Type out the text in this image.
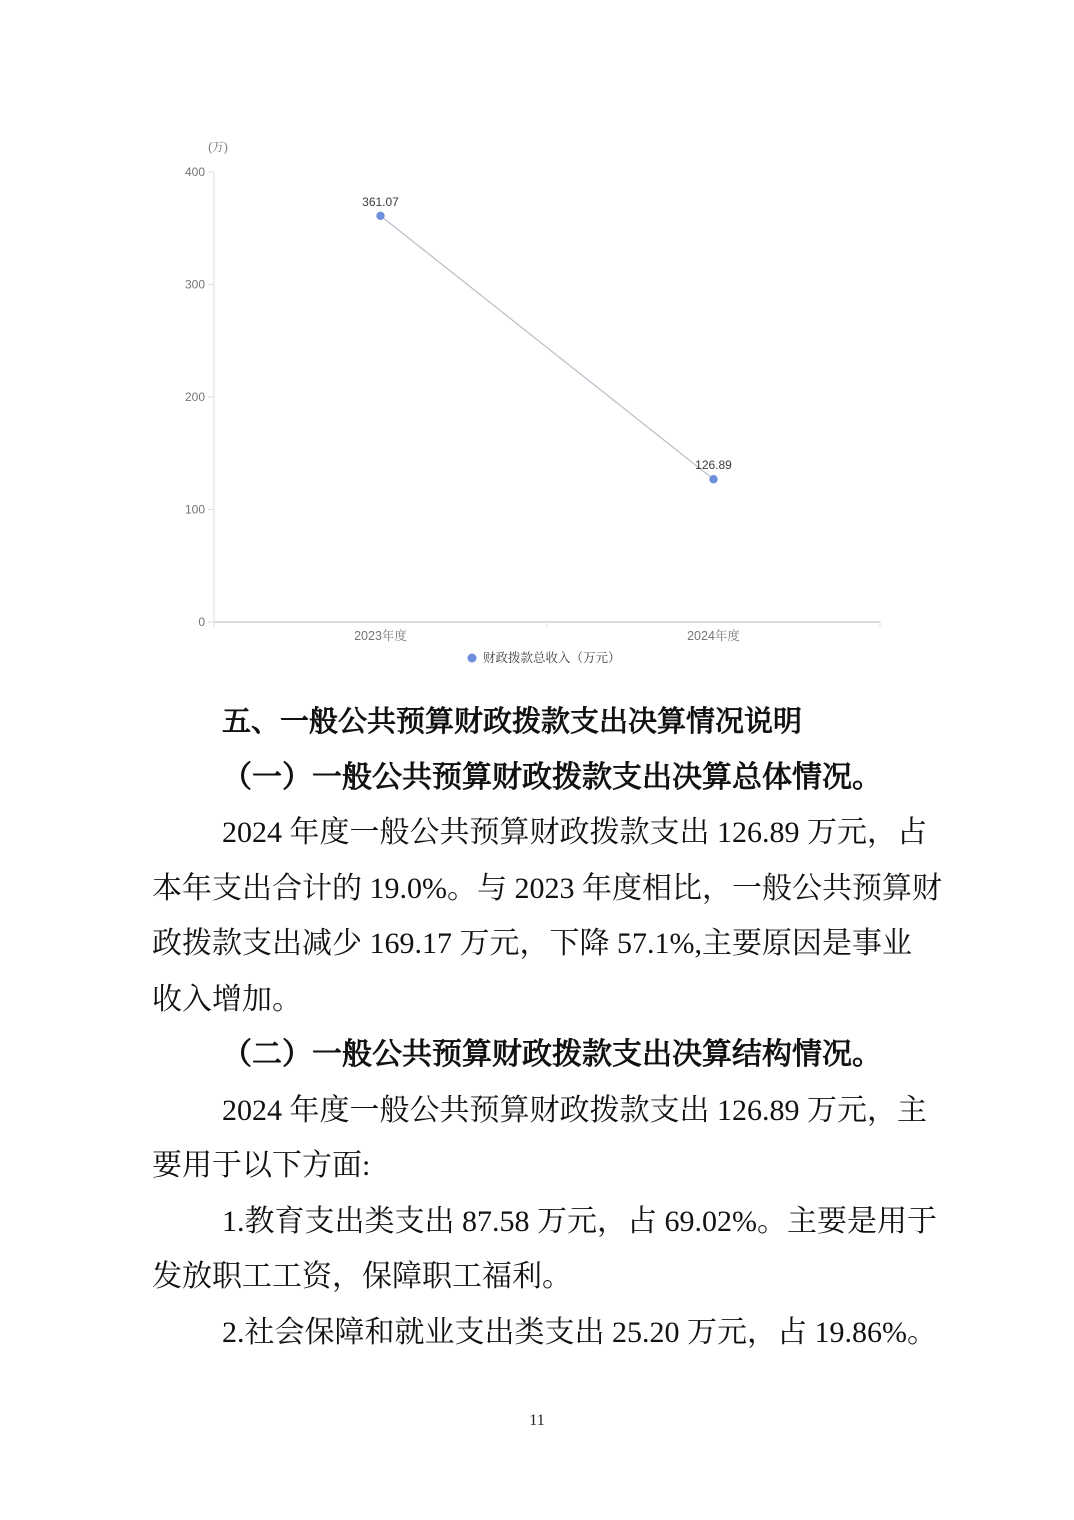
0
100
200
300
400
(万)
2023年度	2024年度
361.07
126.89
财政拨款总收入（万元）
五、一般公共预算财政拨款支出决算情况说明
（一）一般公共预算财政拨款支出决算总体情况。
2024 年度一般公共预算财政拨款支出 126.89 万元，占
本年支出合计的 19.0%。与 2023 年度相比，一般公共预算财
政拨款支出减少 169.17 万元，下降 57.1%,主要原因是事业
收入增加。
（二）一般公共预算财政拨款支出决算结构情况。
2024 年度一般公共预算财政拨款支出 126.89 万元，主
要用于以下方面:
1.教育支出类支出 87.58 万元，占 69.02%。主要是用于
发放职工工资，保障职工福利。
2.社会保障和就业支出类支出 25.20 万元，占 19.86%。
11
